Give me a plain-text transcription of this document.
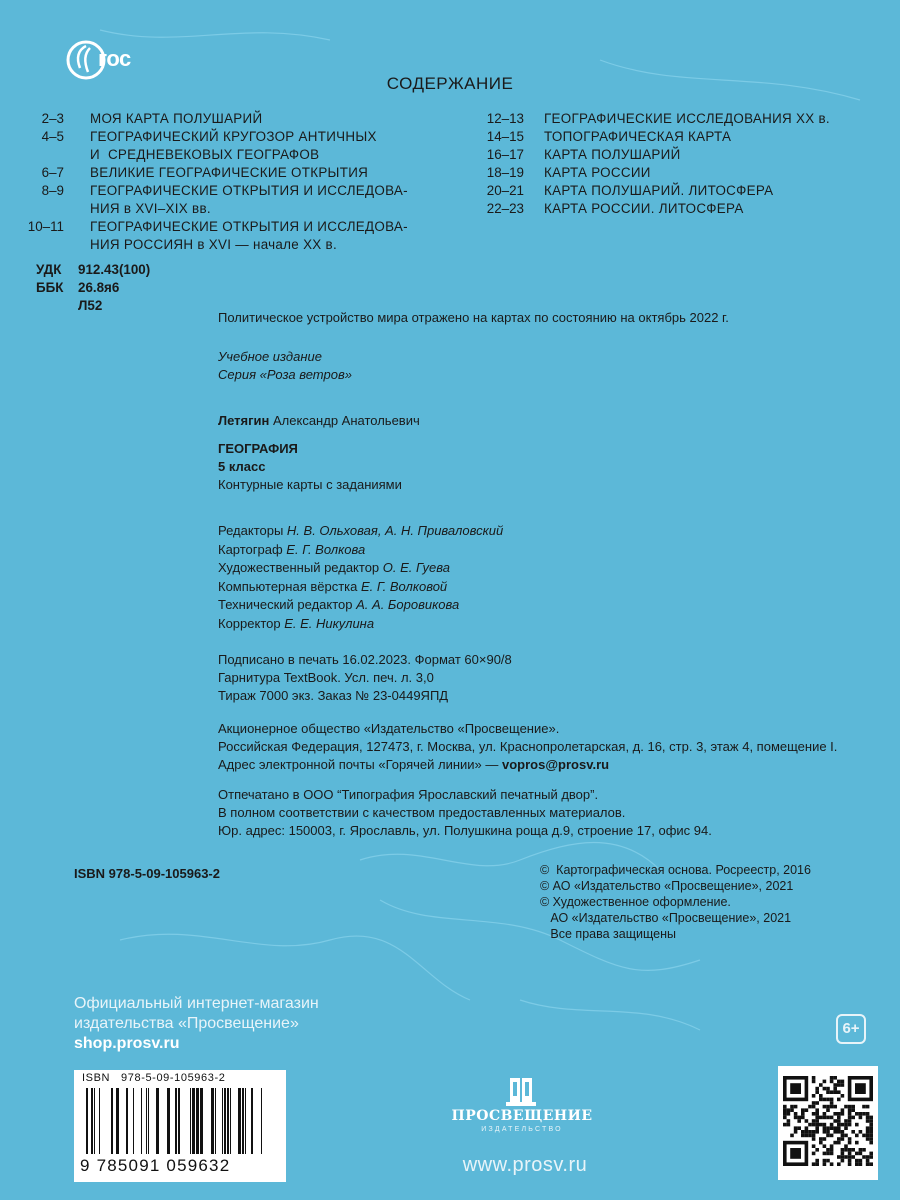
гос
СОДЕРЖАНИЕ
2–3	МОЯ КАРТА ПОЛУШАРИЙ
4–5	ГЕОГРАФИЧЕСКИЙ КРУГОЗОР АНТИЧНЫХ
И  СРЕДНЕВЕКОВЫХ ГЕОГРАФОВ
6–7	ВЕЛИКИЕ ГЕОГРАФИЧЕСКИЕ ОТКРЫТИЯ
8–9	ГЕОГРАФИЧЕСКИЕ ОТКРЫТИЯ И ИССЛЕДОВА-
НИЯ в XVI–XIX вв.
10–11	ГЕОГРАФИЧЕСКИЕ ОТКРЫТИЯ И ИССЛЕДОВА-
НИЯ РОССИЯН в XVI — начале XX в.
12–13	ГЕОГРАФИЧЕСКИЕ ИССЛЕДОВАНИЯ XX в.
14–15	ТОПОГРАФИЧЕСКАЯ КАРТА
16–17	КАРТА ПОЛУШАРИЙ
18–19	КАРТА РОССИИ
20–21	КАРТА ПОЛУШАРИЙ. ЛИТОСФЕРА
22–23	КАРТА РОССИИ. ЛИТОСФЕРА
УДК	912.43(100)
ББК	26.8я6
Л52
Политическое устройство мира отражено на картах по состоянию на октябрь 2022 г.
Учебное издание
Серия «Роза ветров»
Летягин Александр Анатольевич
ГЕОГРАФИЯ
5 класс
Контурные карты с заданиями
Редакторы Н. В. Ольховая, А. Н. Приваловский
Картограф Е. Г. Волкова
Художественный редактор О. Е. Гуева
Компьютерная вёрстка Е. Г. Волковой
Технический редактор А. А. Боровикова
Корректор Е. Е. Никулина
Подписано в печать 16.02.2023. Формат 60×90/8
Гарнитура TextBook. Усл. печ. л. 3,0
Тираж 7000 экз. Заказ № 23-0449ЯПД
Акционерное общество «Издательство «Просвещение».
Российская Федерация, 127473, г. Москва, ул. Краснопролетарская, д. 16, стр. 3, этаж 4, помещение I.
Адрес электронной почты «Горячей линии» — vopros@prosv.ru
Отпечатано в ООО “Типография Ярославский печатный двор”.
В полном соответствии с качеством предоставленных материалов.
Юр. адрес: 150003, г. Ярославль, ул. Полушкина роща д.9, строение 17, офис 94.
ISBN 978-5-09-105963-2	©  Картографическая основа. Росреестр, 2016
© АО «Издательство «Просвещение», 2021
© Художественное оформление.
АО «Издательство «Просвещение», 2021
Все права защищены
Официальный интернет-магазин
издательства «Просвещение»
shop.prosv.ru
6+
ISBN   978-5-09-105963-2
9 785091 059632
ПРОСВЕЩЕНИЕ
ИЗДАТЕЛЬСТВО
www.prosv.ru
